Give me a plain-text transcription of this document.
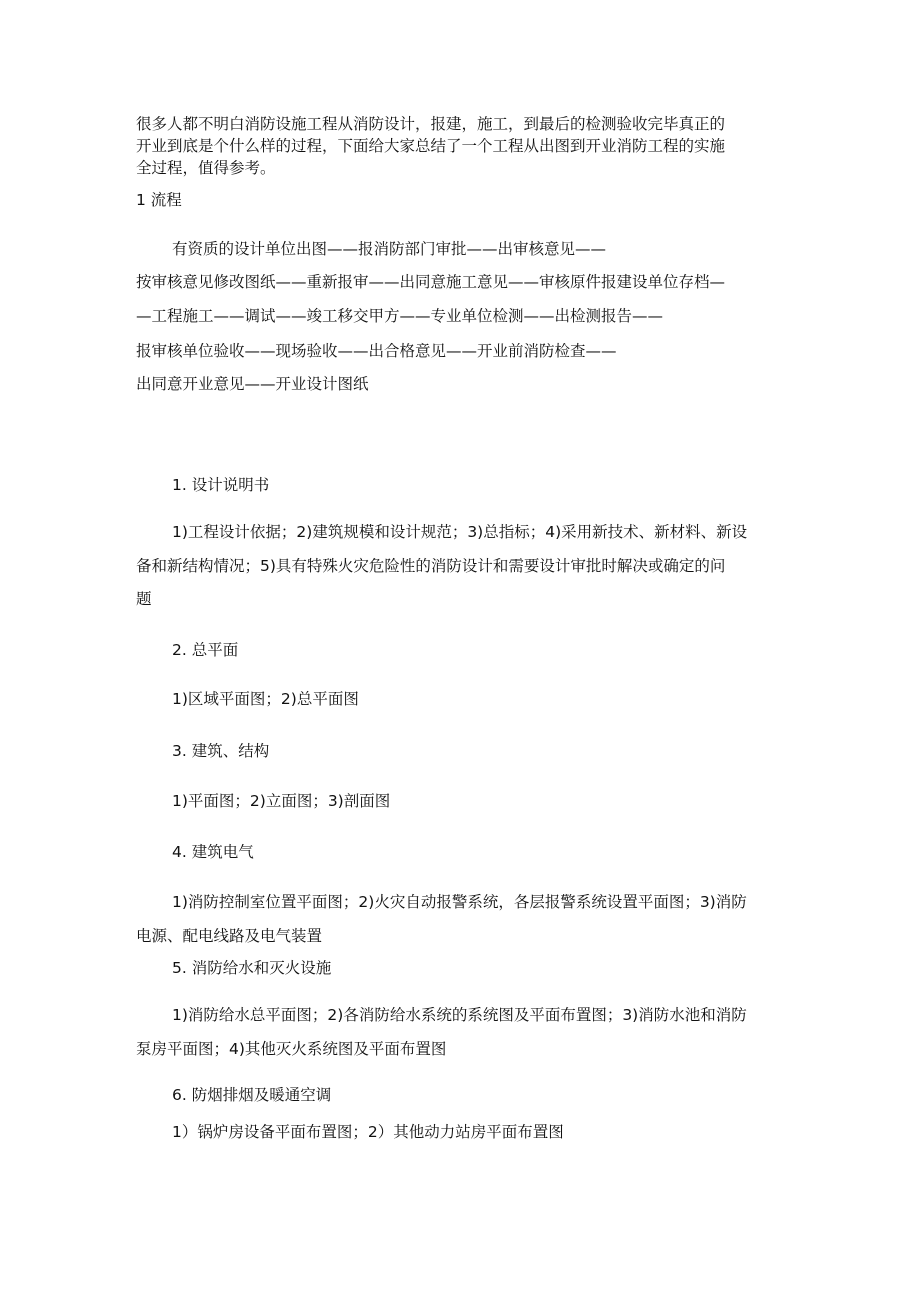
很多人都不明白消防设施工程从消防设计，报建，施工，到最后的检测验收完毕真正的
开业到底是个什么样的过程，下面给大家总结了一个工程从出图到开业消防工程的实施
全过程，值得参考。
1 流程
有资质的设计单位出图——报消防部门审批——出审核意见——
按审核意见修改图纸——重新报审——出同意施工意见——审核原件报建设单位存档—
—工程施工——调试——竣工移交甲方——专业单位检测——出检测报告——
报审核单位验收——现场验收——出合格意见——开业前消防检查——
出同意开业意见——开业设计图纸
1. 设计说明书
1)工程设计依据；2)建筑规模和设计规范；3)总指标；4)采用新技术、新材料、新设
备和新结构情况；5)具有特殊火灾危险性的消防设计和需要设计审批时解决或确定的问
题
2. 总平面
1)区域平面图；2)总平面图
3. 建筑、结构
1)平面图；2)立面图；3)剖面图
4. 建筑电气
1)消防控制室位置平面图；2)火灾自动报警系统，各层报警系统设置平面图；3)消防
电源、配电线路及电气装置
5. 消防给水和灭火设施
1)消防给水总平面图；2)各消防给水系统的系统图及平面布置图；3)消防水池和消防
泵房平面图；4)其他灭火系统图及平面布置图
6. 防烟排烟及暖通空调
1）锅炉房设备平面布置图；2）其他动力站房平面布置图
